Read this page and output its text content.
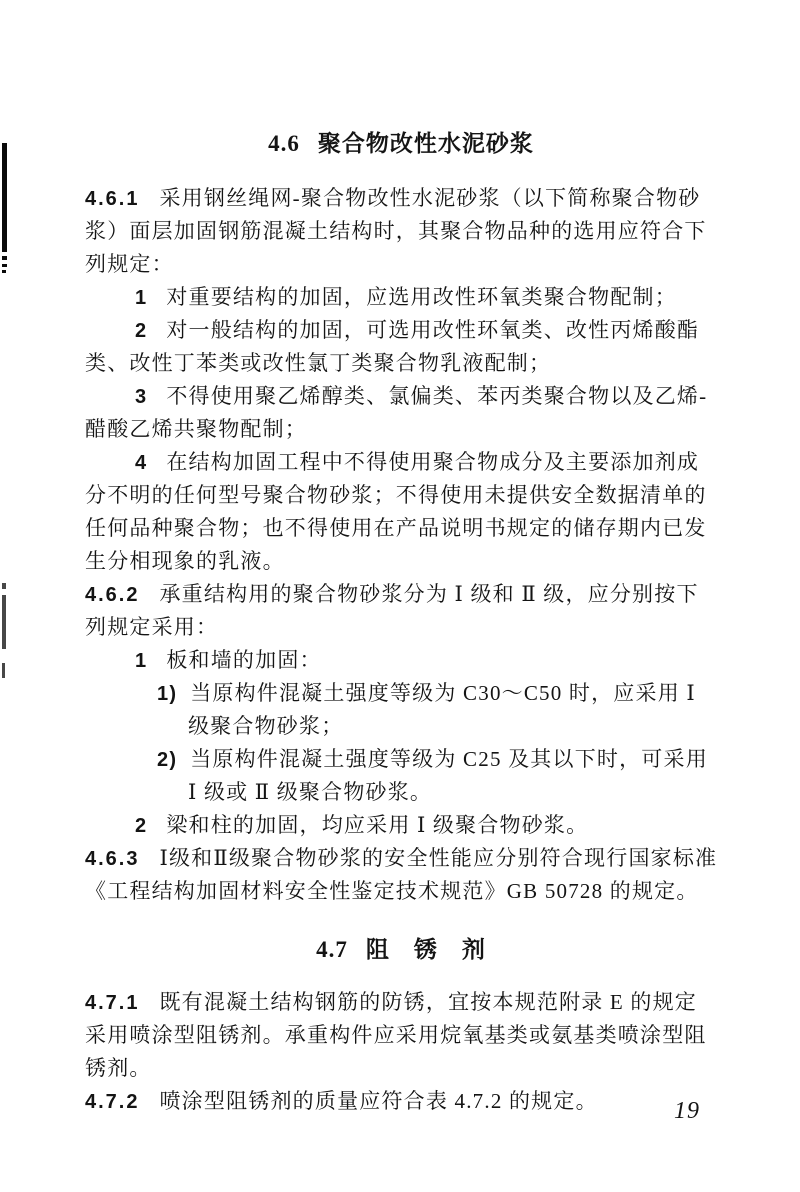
4.6 聚合物改性水泥砂浆
4.6.1 采用钢丝绳网-聚合物改性水泥砂浆（以下简称聚合物砂
浆）面层加固钢筋混凝土结构时，其聚合物品种的选用应符合下
列规定：
1 对重要结构的加固，应选用改性环氧类聚合物配制；
2 对一般结构的加固，可选用改性环氧类、改性丙烯酸酯
类、改性丁苯类或改性氯丁类聚合物乳液配制；
3 不得使用聚乙烯醇类、氯偏类、苯丙类聚合物以及乙烯-
醋酸乙烯共聚物配制；
4 在结构加固工程中不得使用聚合物成分及主要添加剂成
分不明的任何型号聚合物砂浆；不得使用未提供安全数据清单的
任何品种聚合物；也不得使用在产品说明书规定的储存期内已发
生分相现象的乳液。
4.6.2 承重结构用的聚合物砂浆分为 Ⅰ 级和 Ⅱ 级，应分别按下
列规定采用：
1 板和墙的加固：
1) 当原构件混凝土强度等级为 C30～C50 时，应采用 Ⅰ
级聚合物砂浆；
2) 当原构件混凝土强度等级为 C25 及其以下时，可采用
Ⅰ 级或 Ⅱ 级聚合物砂浆。
2 梁和柱的加固，均应采用 Ⅰ 级聚合物砂浆。
4.6.3 Ⅰ级和Ⅱ级聚合物砂浆的安全性能应分别符合现行国家标准
《工程结构加固材料安全性鉴定技术规范》GB 50728 的规定。
4.7 阻　锈　剂
4.7.1 既有混凝土结构钢筋的防锈，宜按本规范附录 E 的规定
采用喷涂型阻锈剂。承重构件应采用烷氧基类或氨基类喷涂型阻
锈剂。
4.7.2 喷涂型阻锈剂的质量应符合表 4.7.2 的规定。	19
